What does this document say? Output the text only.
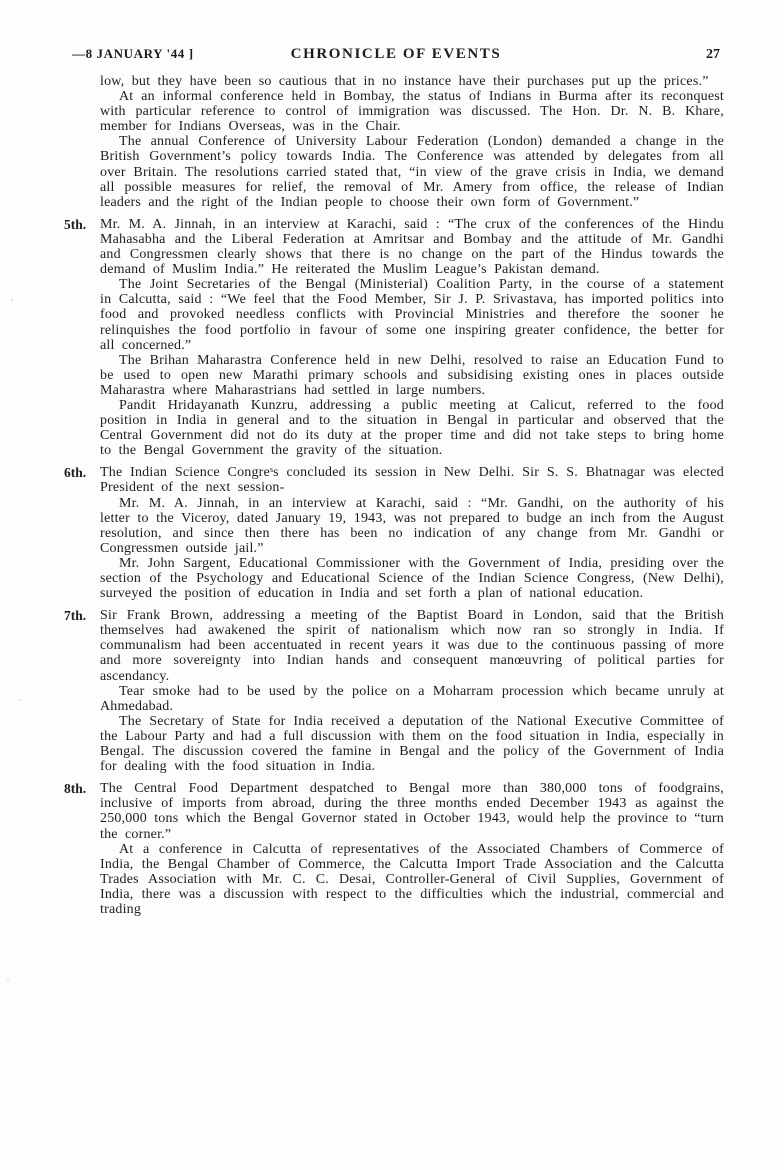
—8 JANUARY '44 ]	CHRONICLE OF EVENTS	27

low, but they have been so cautious that in no instance have their purchases put up the prices.”

At an informal conference held in Bombay, the status of Indians in Burma after its reconquest with particular reference to control of immigration was discussed. The Hon. Dr. N. B. Khare, member for Indians Overseas, was in the Chair.

The annual Conference of University Labour Federation (London) demanded a change in the British Government’s policy towards India. The Conference was attended by delegates from all over Britain. The resolutions carried stated that, “in view of the grave crisis in India, we demand all possible measures for relief, the removal of Mr. Amery from office, the release of Indian leaders and the right of the Indian people to choose their own form of Government.”

5th. Mr. M. A. Jinnah, in an interview at Karachi, said : “The crux of the conferences of the Hindu Mahasabha and the Liberal Federation at Amritsar and Bombay and the attitude of Mr. Gandhi and Congressmen clearly shows that there is no change on the part of the Hindus towards the demand of Muslim India.” He reiterated the Muslim League’s Pakistan demand.

The Joint Secretaries of the Bengal (Ministerial) Coalition Party, in the course of a statement in Calcutta, said : “We feel that the Food Member, Sir J. P. Srivastava, has imported politics into food and provoked needless conflicts with Provincial Ministries and therefore the sooner he relinquishes the food portfolio in favour of some one inspiring greater confidence, the better for all concerned.”

The Brihan Maharastra Conference held in new Delhi, resolved to raise an Education Fund to be used to open new Marathi primary schools and subsidising existing ones in places outside Maharastra where Maharastrians had settled in large numbers.

Pandit Hridayanath Kunzru, addressing a public meeting at Calicut, referred to the food position in India in general and to the situation in Bengal in particular and observed that the Central Government did not do its duty at the proper time and did not take steps to bring home to the Bengal Government the gravity of the situation.

6th. The Indian Science Congreˢs concluded its session in New Delhi. Sir S. S. Bhatnagar was elected President of the next session-

Mr. M. A. Jinnah, in an interview at Karachi, said : “Mr. Gandhi, on the authority of his letter to the Viceroy, dated January 19, 1943, was not prepared to budge an inch from the August resolution, and since then there has been no indication of any change from Mr. Gandhi or Congressmen outside jail.”

Mr. John Sargent, Educational Commissioner with the Government of India, presiding over the section of the Psychology and Educational Science of the Indian Science Congress, (New Delhi), surveyed the position of education in India and set forth a plan of national education.

7th. Sir Frank Brown, addressing a meeting of the Baptist Board in London, said that the British themselves had awakened the spirit of nationalism which now ran so strongly in India. If communalism had been accentuated in recent years it was due to the continuous passing of more and more sovereignty into Indian hands and consequent manœuvring of political parties for ascendancy.

Tear smoke had to be used by the police on a Moharram procession which became unruly at Ahmedabad.

The Secretary of State for India received a deputation of the National Executive Committee of the Labour Party and had a full discussion with them on the food situation in India, especially in Bengal. The discussion covered the famine in Bengal and the policy of the Government of India for dealing with the food situation in India.

8th. The Central Food Department despatched to Bengal more than 380,000 tons of foodgrains, inclusive of imports from abroad, during the three months ended December 1943 as against the 250,000 tons which the Bengal Governor stated in October 1943, would help the province to “turn the corner.”

At a conference in Calcutta of representatives of the Associated Chambers of Commerce of India, the Bengal Chamber of Commerce, the Calcutta Import Trade Association and the Calcutta Trades Association with Mr. C. C. Desai, Controller-General of Civil Supplies, Government of India, there was a discussion with respect to the difficulties which the industrial, commercial and trading
